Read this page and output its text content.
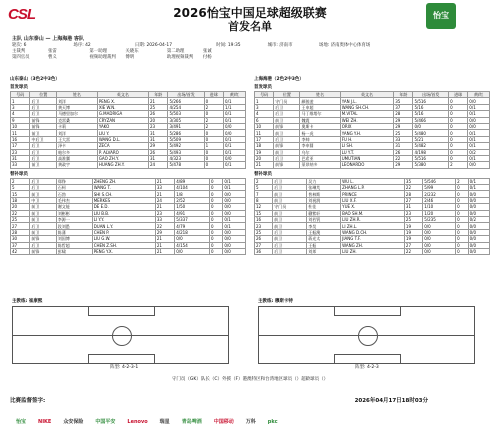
CSL	2026怡宝中国足球超级联赛
首发名单
怡宝
主队 山东泰山 — 上海海港 客队
轮次: 6	场序: 42	日期: 2026-04-17	时间: 19:35	城市: 济南市	场地: 济南奥体中心体育场
主裁判	张雷	第一助理	关晓东	第二助理	张诚
第四官员	曹义	视频助理裁判 傅明	助理视频裁判 付杨
山东泰山（3色2中3色）
首发球员
号码	位置	姓名	英文名	年龄	出场/首发	进球	黄/红
1	后卫	刘洋	PENG X.	21	5/266	0	0/1
3	后卫	黄天博	XIE W.N.	25	4/254	2	1/1
4	后卫	马德里加尔	G.MADRIGA	26	5/503	0	0/1
9	前锋	克雷桑	CRYZAN	20	3/305	2	0/1
10	前锋	卡莉	YAKO	23	3/491	2	0/0
11	前卫	刘洋	LIU Y.	31	5/286	0	0/0
16	中后卫	王大雷	WANG D.L.	31	5/509	0	0/1
17	后卫	泽卡	ZECA	29	5/492	1	0/1
23	后卫	帕尔多	P. ALVARO	26	5/493	0	0/1
31	后卫	高准翼	GAO ZH.Y.	31	4/323	0	0/0
33	前卫	黄政宇	HUANG ZH.Y.	24	5/478	0	0/1
替补球员
2	后卫	郑铮	ZHENG ZH.	21	4/89	0	0/1
5	后卫	石柯	WANG T.	33	4/104	0	0/1
15	前卫	石勃	SHI S.CH.	21	1/8	0	0/0
18	中卫	毛伟杰	MERKES	24	2/52	0	0/0
20	前卫	谢文能	DE E.D.	21	1/50	0	0/0
22	前卫	刘彬彬	LIU B.B.	23	4/91	0	0/0
25	前卫	李源一	LI Y.Y.	33	5/337	0	0/1
27	后卫	段刘愚	DUAN L.Y.	22	4/79	0	0/1
28	前卫	陈蒲	CHEN P.	29	4/218	0	0/0
30	前锋	刘国博	LIU G.W.	21	0/0	0	0/0
37	后卫	陈哲超	CHEN Z.SH.	21	4/154	0	0/0
42	前锋	彭啸	PENG Y.X.	21	0/0	0	0/0
上海海港（2色2中3色）
首发球员
号码	位置	姓名	英文名	年龄	出场/首发	进球	黄/红
1	守门员	颜骏凌	YAN J.L.	35	5/516	0	0/0
3	后卫	王申超	WANG SH.CH.	37	5/16	0	0/1
4	后卫	马丁维塔尔	M.VITAL	28	5/16	0	0/1
6	前卫	魏震	WEI ZH.	29	5/466	0	0/0
10	前锋	奥斯卡	ORIX	29	0/0	0	0/0
11	前卫	杨一虎	YANG Y.H.	25	5/480	0	0/1
17	后卫	李帅	FU H.	33	5/21	0	0/1
18	前锋	李申圆	LI SH.	31	5/482	0	0/1
19	前卫	乌尔	LU Y.T.	26	4/198	0	0/2
20	后卫	巴希亚	UMUTIAN	22	5/516	0	0/1
21	前锋	莱昂纳多	LEONARDO	29	5/380	2	0/0
替补球员
2	后卫	吴力	WU L.	35	5/546	2	0/1
5	后卫	张琳芃	ZHANG L.P.	22	5/99	0	0/1
7	前卫	普林斯	PRINCE	28	2/232	0	0/0
8	前卫	刘祝润	LIU X.F.	27	2/46	0	0/0
12	守门员	杜佳	YUE X.	31	1/10	0	0/0
15	前卫	蒯紫轩	BAO SH.M.	23	1/20	0	0/0
16	前卫	刘若钒	LIU ZH.R.	25	5/235	0	0/2
23	前卫	李昊	LI ZH.L.	19	0/0	0	0/0
25	后卫	王振澳	WANG D.CH.	19	0/0	0	0/0
26	前卫	蒋光太	JIANG T.F.	19	0/0	0	0/0
27	后卫	王振	WANG ZH.	27	0/0	0	0/0
36	后卫	刘邦	LIU ZH.	22	0/0	0	0/0
主教练: 崔康熙	主教练: 穆斯卡特
阵型: 4-2-3-1	阵型: 4-2-3
守门员（GK）队长（C）外援（F）港澳特区和台湾地区球员（）超龄球员（）
比赛监督签字:	2026年04月17日18时03分
怡宝 NIKE 众安保险 中国平安 Lenovo 瑞星 青岛啤酒 中国移动 万科 pkc
